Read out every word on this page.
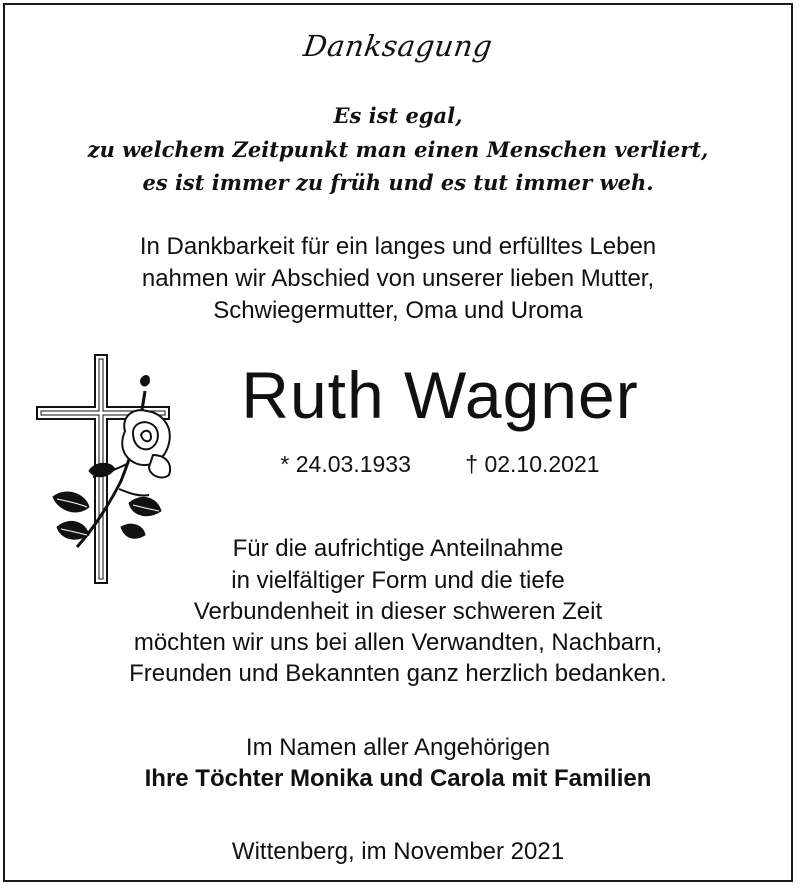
Danksagung
Es ist egal,
zu welchem Zeitpunkt man einen Menschen verliert,
es ist immer zu früh und es tut immer weh.
In Dankbarkeit für ein langes und erfülltes Leben
nahmen wir Abschied von unserer lieben Mutter,
Schwiegermutter, Oma und Uroma
Ruth Wagner
* 24.03.1933 † 02.10.2021
Für die aufrichtige Anteilnahme
in vielfältiger Form und die tiefe
Verbundenheit in dieser schweren Zeit
möchten wir uns bei allen Verwandten, Nachbarn,
Freunden und Bekannten ganz herzlich bedanken.
Im Namen aller Angehörigen
Ihre Töchter Monika und Carola mit Familien
Wittenberg, im November 2021
